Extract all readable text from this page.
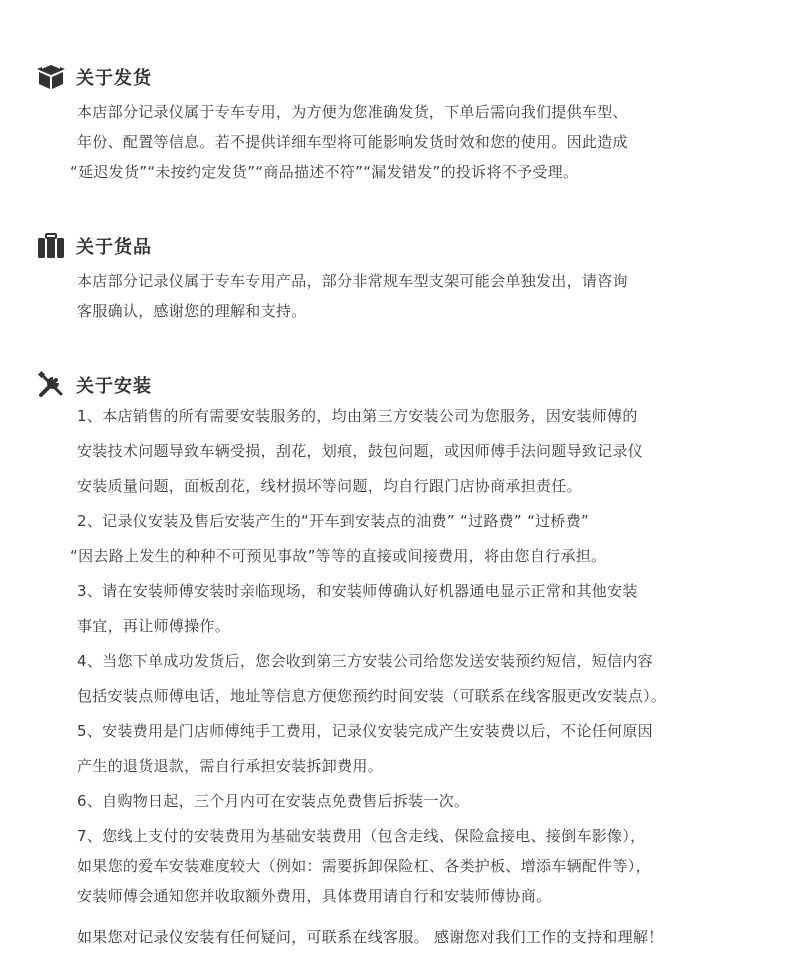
关于发货
本店部分记录仪属于专车专用，为方便为您准确发货，下单后需向我们提供车型、
年份、配置等信息。若不提供详细车型将可能影响发货时效和您的使用。因此造成
“延迟发货”“未按约定发货”“商品描述不符”“漏发错发”的投诉将不予受理。
关于货品
本店部分记录仪属于专车专用产品，部分非常规车型支架可能会单独发出，请咨询
客服确认，感谢您的理解和支持。
关于安装
1、本店销售的所有需要安装服务的，均由第三方安装公司为您服务，因安装师傅的
安装技术问题导致车辆受损，刮花，划痕，鼓包问题，或因师傅手法问题导致记录仪
安装质量问题，面板刮花，线材损坏等问题，均自行跟门店协商承担责任。
2、记录仪安装及售后安装产生的“开车到安装点的油费” “过路费” “过桥费”
“因去路上发生的种种不可预见事故”等等的直接或间接费用，将由您自行承担。
3、请在安装师傅安装时亲临现场，和安装师傅确认好机器通电显示正常和其他安装
事宜，再让师傅操作。
4、当您下单成功发货后，您会收到第三方安装公司给您发送安装预约短信，短信内容
包括安装点师傅电话，地址等信息方便您预约时间安装（可联系在线客服更改安装点）。
5、安装费用是门店师傅纯手工费用，记录仪安装完成产生安装费以后，不论任何原因
产生的退货退款，需自行承担安装拆卸费用。
6、自购物日起，三个月内可在安装点免费售后拆装一次。
7、您线上支付的安装费用为基础安装费用（包含走线、保险盒接电、接倒车影像），
如果您的爱车安装难度较大（例如：需要拆卸保险杠、各类护板、增添车辆配件等），
安装师傅会通知您并收取额外费用，具体费用请自行和安装师傅协商。
如果您对记录仪安装有任何疑问，可联系在线客服。 感谢您对我们工作的支持和理解！
